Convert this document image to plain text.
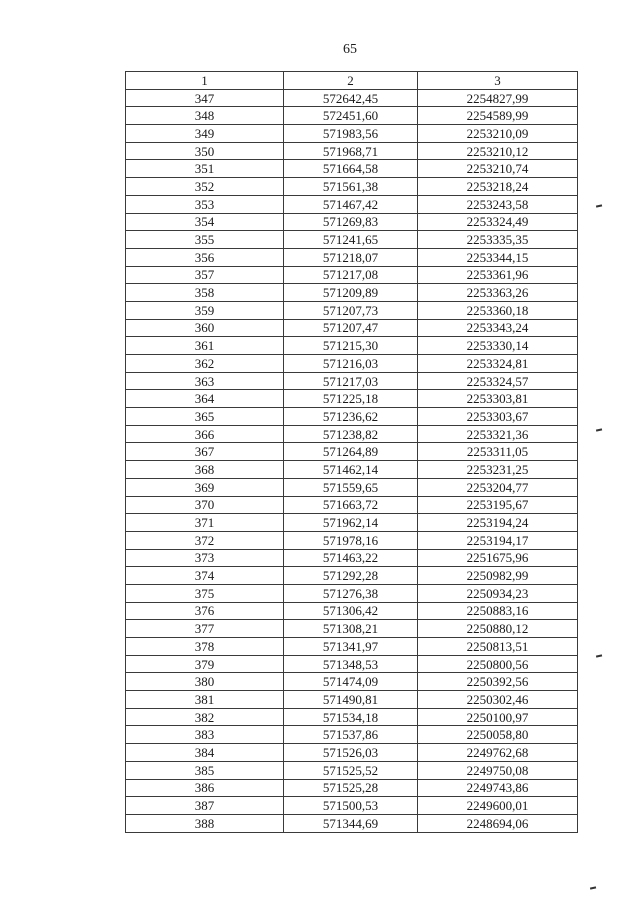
65
1	2	3
347	572642,45	2254827,99
348	572451,60	2254589,99
349	571983,56	2253210,09
350	571968,71	2253210,12
351	571664,58	2253210,74
352	571561,38	2253218,24
353	571467,42	2253243,58
354	571269,83	2253324,49
355	571241,65	2253335,35
356	571218,07	2253344,15
357	571217,08	2253361,96
358	571209,89	2253363,26
359	571207,73	2253360,18
360	571207,47	2253343,24
361	571215,30	2253330,14
362	571216,03	2253324,81
363	571217,03	2253324,57
364	571225,18	2253303,81
365	571236,62	2253303,67
366	571238,82	2253321,36
367	571264,89	2253311,05
368	571462,14	2253231,25
369	571559,65	2253204,77
370	571663,72	2253195,67
371	571962,14	2253194,24
372	571978,16	2253194,17
373	571463,22	2251675,96
374	571292,28	2250982,99
375	571276,38	2250934,23
376	571306,42	2250883,16
377	571308,21	2250880,12
378	571341,97	2250813,51
379	571348,53	2250800,56
380	571474,09	2250392,56
381	571490,81	2250302,46
382	571534,18	2250100,97
383	571537,86	2250058,80
384	571526,03	2249762,68
385	571525,52	2249750,08
386	571525,28	2249743,86
387	571500,53	2249600,01
388	571344,69	2248694,06
